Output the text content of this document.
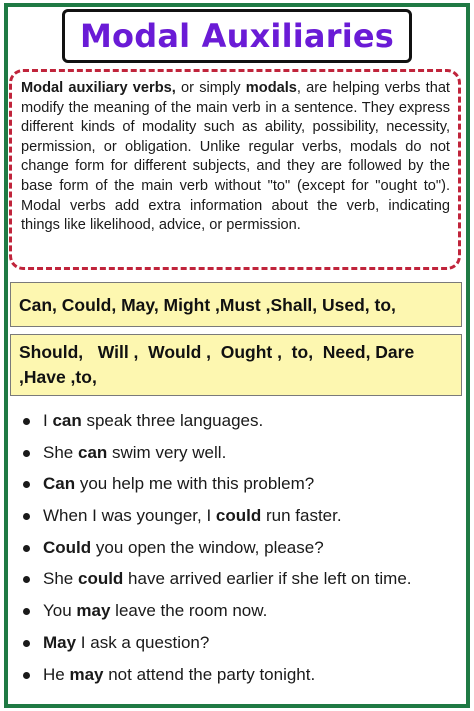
Modal Auxiliaries
Modal auxiliary verbs, or simply modals, are helping verbs that modify the meaning of the main verb in a sentence. They express different kinds of modality such as ability, possibility, necessity, permission, or obligation. Unlike regular verbs, modals do not change form for different subjects, and they are followed by the base form of the main verb without "to" (except for "ought to"). Modal verbs add extra information about the verb, indicating things like likelihood, advice, or permission.
Can, Could, May, Might ,Must ,Shall, Used, to,
Should,   Will ,  Would ,  Ought ,  to,  Need, Dare
,Have ,to,
I can speak three languages.
She can swim very well.
Can you help me with this problem?
When I was younger, I could run faster.
Could you open the window, please?
She could have arrived earlier if she left on time.
You may leave the room now.
May I ask a question?
He may not attend the party tonight.
